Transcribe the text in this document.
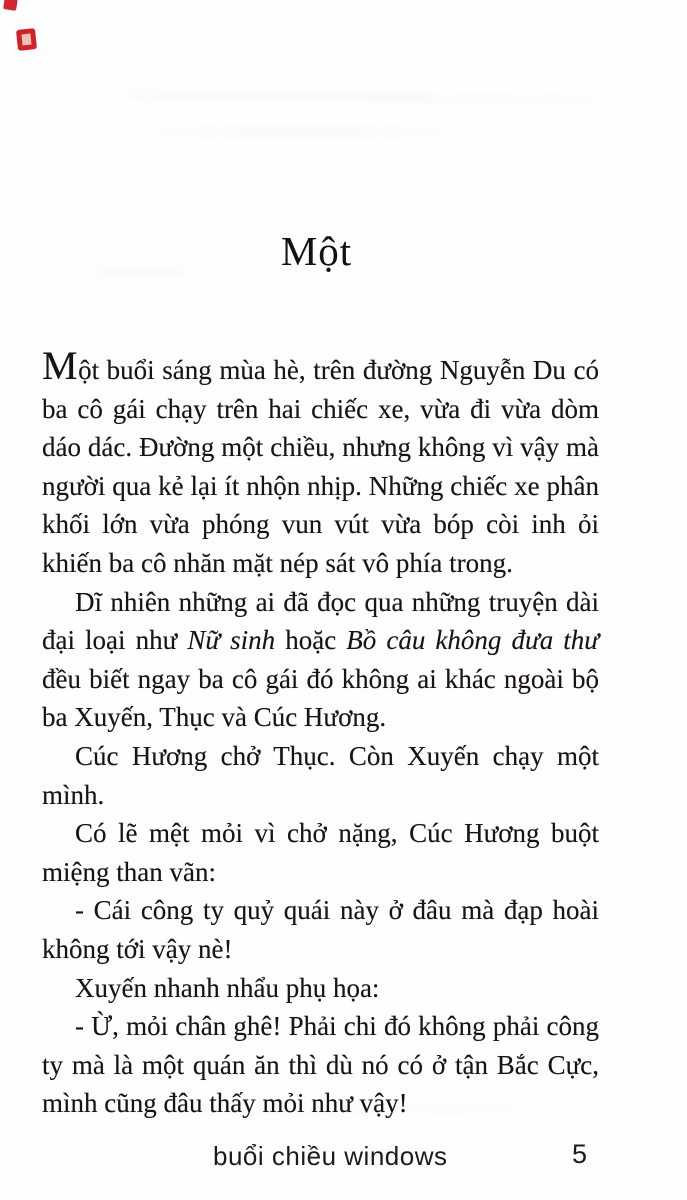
Một

Một buổi sáng mùa hè, trên đường Nguyễn Du có ba cô gái chạy trên hai chiếc xe, vừa đi vừa dòm dáo dác. Đường một chiều, nhưng không vì vậy mà người qua kẻ lại ít nhộn nhịp. Những chiếc xe phân khối lớn vừa phóng vun vút vừa bóp còi inh ỏi khiến ba cô nhăn mặt nép sát vô phía trong.

Dĩ nhiên những ai đã đọc qua những truyện dài đại loại như Nữ sinh hoặc Bồ câu không đưa thư đều biết ngay ba cô gái đó không ai khác ngoài bộ ba Xuyến, Thục và Cúc Hương.

Cúc Hương chở Thục. Còn Xuyến chạy một mình.

Có lẽ mệt mỏi vì chở nặng, Cúc Hương buột miệng than vãn:

- Cái công ty quỷ quái này ở đâu mà đạp hoài không tới vậy nè!

Xuyến nhanh nhẩu phụ họa:

- Ừ, mỏi chân ghê! Phải chi đó không phải công ty mà là một quán ăn thì dù nó có ở tận Bắc Cực, mình cũng đâu thấy mỏi như vậy!

buổi chiều windows	5
